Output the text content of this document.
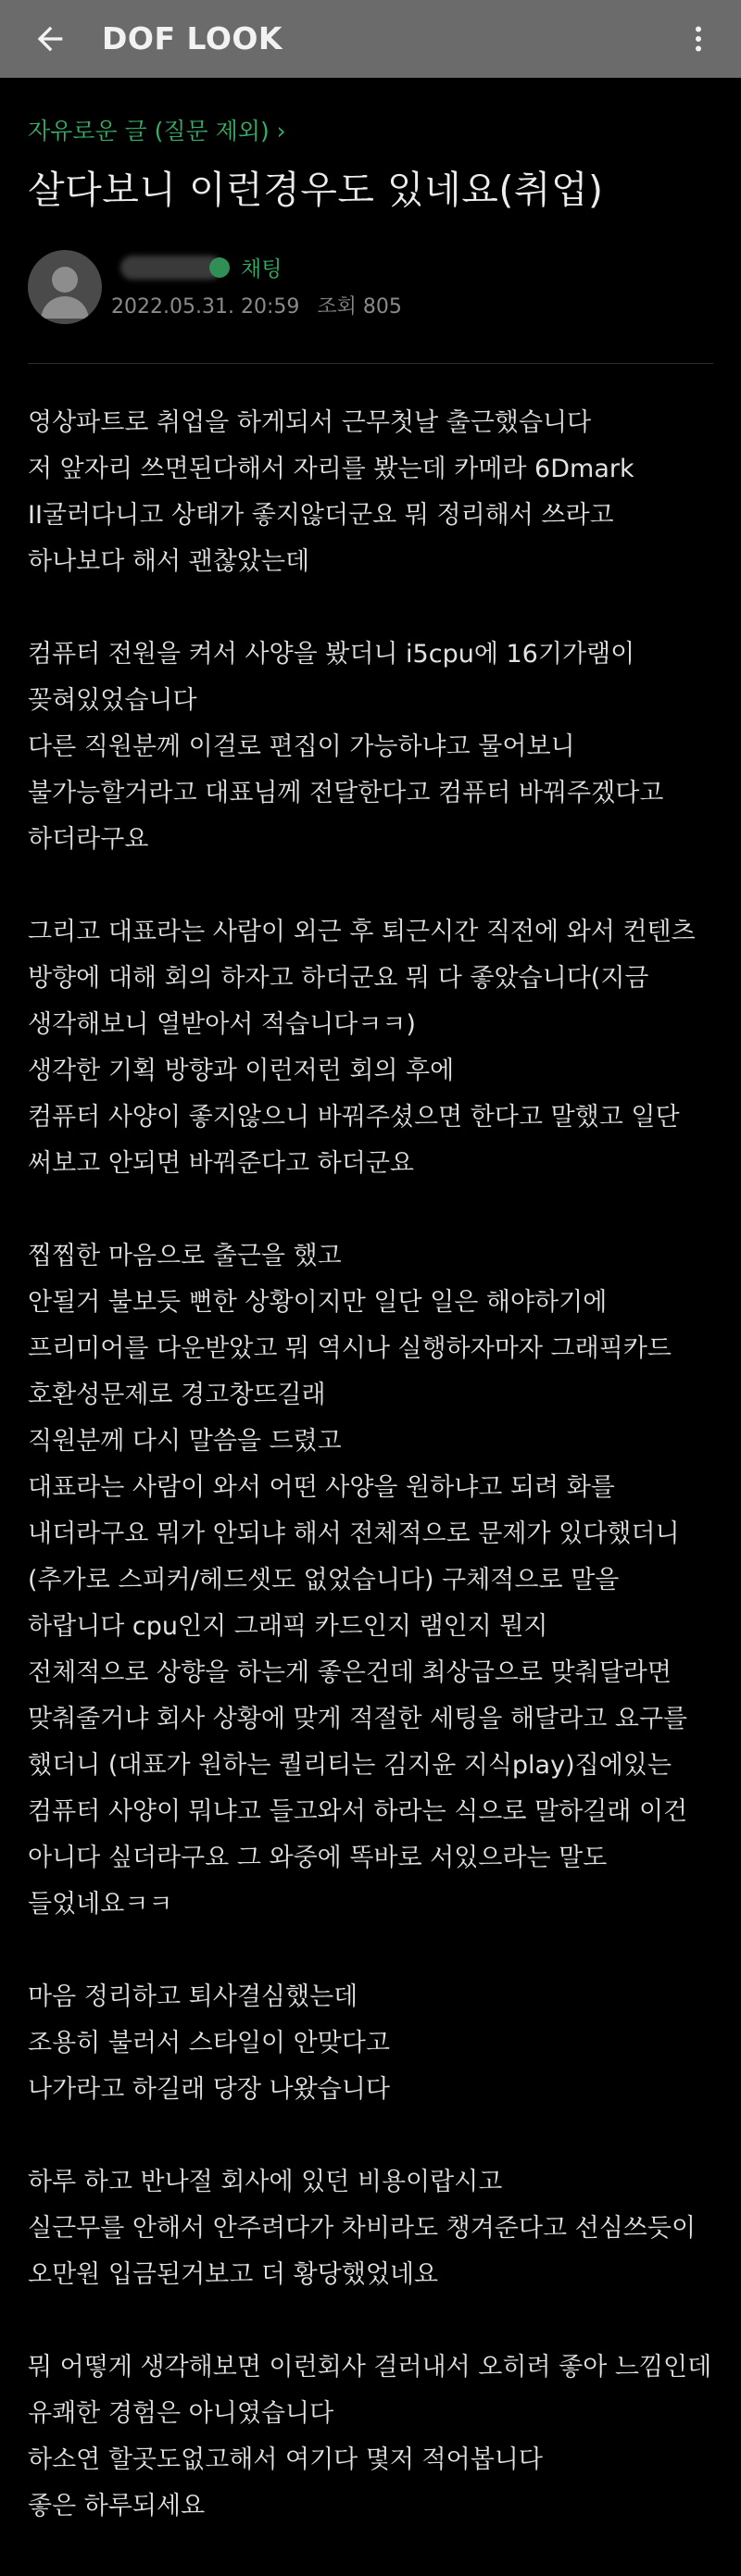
DOF LOOK
자유로운 글 (질문 제외) ›
살다보니 이런경우도 있네요(취업)
채팅
2022.05.31. 20:59 조회 805

영상파트로 취업을 하게되서 근무첫날 출근했습니다
저 앞자리 쓰면된다해서 자리를 봤는데 카메라 6Dmark II굴러다니고 상태가 좋지않더군요 뭐 정리해서 쓰라고 하나보다 해서 괜찮았는데

컴퓨터 전원을 켜서 사양을 봤더니 i5cpu에 16기가램이 꽂혀있었습니다
다른 직원분께 이걸로 편집이 가능하냐고 물어보니 불가능할거라고 대표님께 전달한다고 컴퓨터 바꿔주겠다고 하더라구요

그리고 대표라는 사람이 외근 후 퇴근시간 직전에 와서 컨텐츠 방향에 대해 회의 하자고 하더군요 뭐 다 좋았습니다(지금 생각해보니 열받아서 적습니다ㅋㅋ)
생각한 기획 방향과 이런저런 회의 후에
컴퓨터 사양이 좋지않으니 바꿔주셨으면 한다고 말했고 일단 써보고 안되면 바꿔준다고 하더군요

찝찝한 마음으로 출근을 했고
안될거 불보듯 뻔한 상황이지만 일단 일은 해야하기에 프리미어를 다운받았고 뭐 역시나 실행하자마자 그래픽카드 호환성문제로 경고창뜨길래
직원분께 다시 말씀을 드렸고
대표라는 사람이 와서 어떤 사양을 원하냐고 되려 화를 내더라구요 뭐가 안되냐 해서 전체적으로 문제가 있다했더니(추가로 스피커/헤드셋도 없었습니다) 구체적으로 말을 하랍니다 cpu인지 그래픽 카드인지 램인지 뭔지
전체적으로 상향을 하는게 좋은건데 최상급으로 맞춰달라면 맞춰줄거냐 회사 상황에 맞게 적절한 세팅을 해달라고 요구를 했더니 (대표가 원하는 퀄리티는 김지윤 지식play)집에있는 컴퓨터 사양이 뭐냐고 들고와서 하라는 식으로 말하길래 이건 아니다 싶더라구요 그 와중에 똑바로 서있으라는 말도 들었네요ㅋㅋ

마음 정리하고 퇴사결심했는데
조용히 불러서 스타일이 안맞다고
나가라고 하길래 당장 나왔습니다

하루 하고 반나절 회사에 있던 비용이랍시고
실근무를 안해서 안주려다가 차비라도 챙겨준다고 선심쓰듯이 오만원 입금된거보고 더 황당했었네요

뭐 어떻게 생각해보면 이런회사 걸러내서 오히려 좋아 느낌인데 유쾌한 경험은 아니였습니다
하소연 할곳도없고해서 여기다 몇저 적어봅니다
좋은 하루되세요
